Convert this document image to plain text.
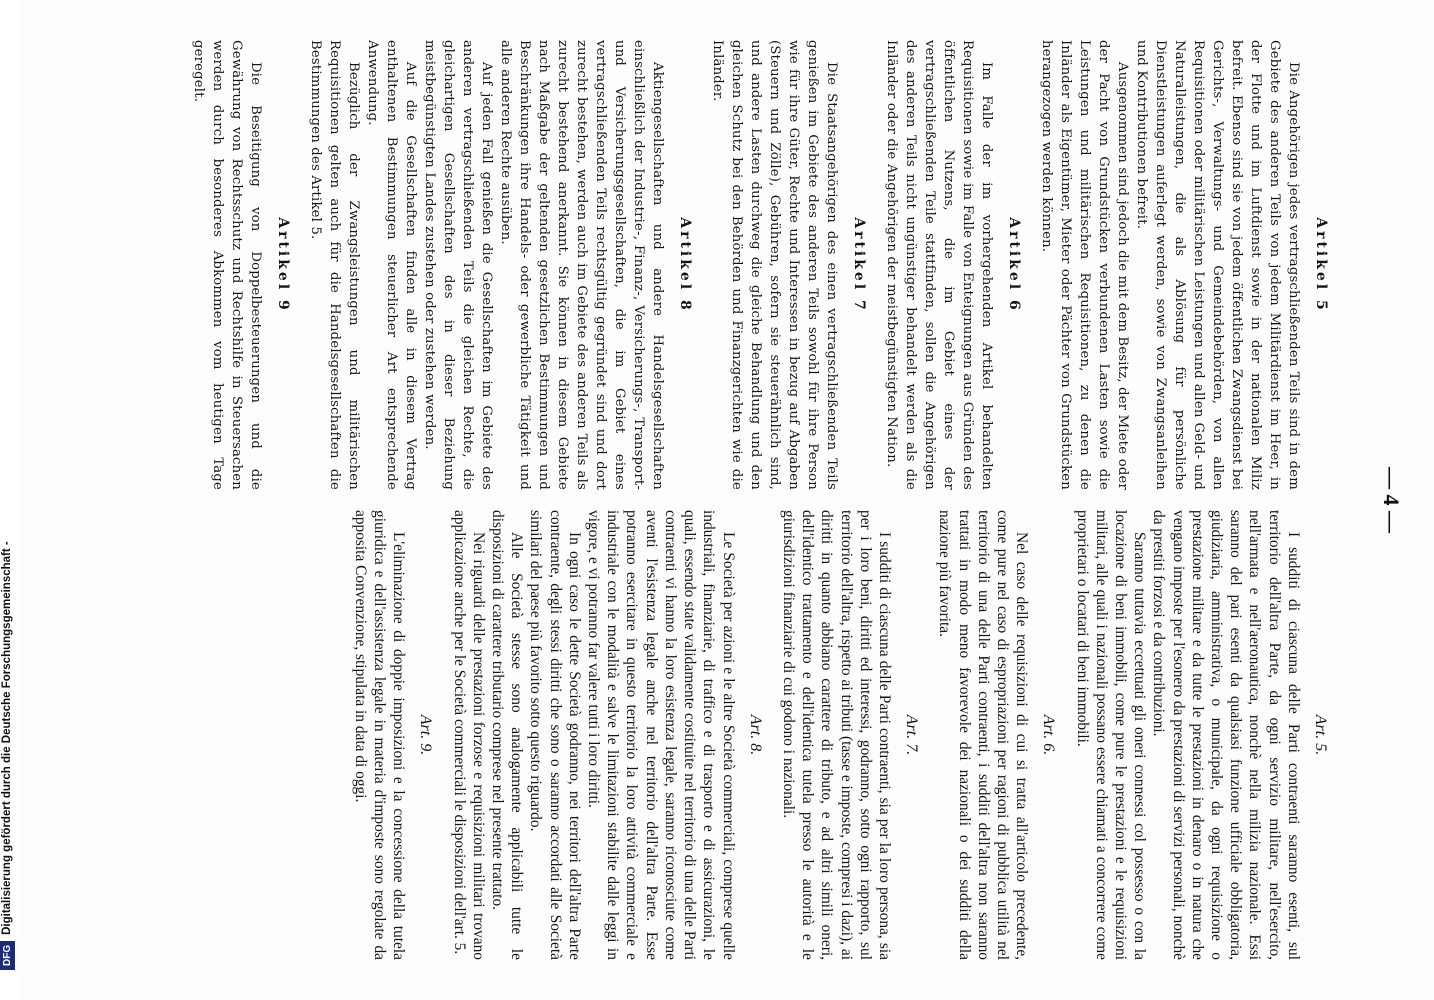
— 4 —
Artikel 5

Die Angehörigen jedes vertragschließenden Teils sind in dem Gebiete des anderen Teils von jedem Militärdienst im Heer, in der Flotte und im Luftdienst sowie in der nationalen Miliz befreit. Ebenso sind sie von jedem öffentlichen Zwangsdienst bei Gerichts-, Verwaltungs- und Gemeindebehörden, von allen Requisitionen oder militärischen Leistungen und allen Geld- und Naturalleistungen, die als Ablösung für persönliche Dienstleistungen auferlegt werden, sowie von Zwangsanleihen und Kontributionen befreit.

Ausgenommen sind jedoch die mit dem Besitz, der Miete oder der Pacht von Grundstücken verbundenen Lasten sowie die Leistungen und militärischen Requisitionen, zu denen die Inländer als Eigentümer, Mieter oder Pächter von Grundstücken herangezogen werden können.

Artikel 6

Im Falle der im vorhergehenden Artikel behandelten Requisitionen sowie im Falle von Enteignungen aus Gründen des öffentlichen Nutzens, die im Gebiet eines der vertragschließenden Teile stattfinden, sollen die Angehörigen des anderen Teils nicht ungünstiger behandelt werden als die Inländer oder die Angehörigen der meistbegünstigten Nation.

Artikel 7

Die Staatsangehörigen des einen vertragschließenden Teils genießen im Gebiete des anderen Teils sowohl für ihre Person wie für ihre Güter, Rechte und Interessen in bezug auf Abgaben (Steuern und Zölle), Gebühren, sofern sie steuerähnlich sind, und andere Lasten durchweg die gleiche Behandlung und den gleichen Schutz bei den Behörden und Finanzgerichten wie die Inländer.

Artikel 8

Aktiengesellschaften und andere Handelsgesellschaften einschließlich der Industrie-, Finanz-, Versicherungs-, Transport- und Versicherungsgesellschaften, die im Gebiet eines vertragschließenden Teils rechtsgültig gegründet sind und dort zurecht bestehen, werden auch im Gebiete des anderen Teils als zurecht bestehend anerkannt. Sie können in diesem Gebiete nach Maßgabe der geltenden gesetzlichen Bestimmungen und Beschränkungen ihre Handels- oder gewerbliche Tätigkeit und alle anderen Rechte ausüben.

Auf jeden Fall genießen die Gesellschaften im Gebiete des anderen vertragschließenden Teils die gleichen Rechte, die gleichartigen Gesellschaften des in dieser Beziehung meistbegünstigten Landes zustehen oder zustehen werden.

Auf die Gesellschaften finden alle in diesem Vertrag enthaltenen Bestimmungen steuerlicher Art entsprechende Anwendung.

Bezüglich der Zwangsleistungen und militärischen Requisitionen gelten auch für die Handelsgesellschaften die Bestimmungen des Artikel 5.

Artikel 9

Die Beseitigung von Doppelbesteuerungen und die Gewährung von Rechtsschutz und Rechtshilfe in Steuersachen werden durch besonderes Abkommen vom heutigen Tage geregelt.

Art. 5.

I sudditi di ciascuna delle Parti contraenti saranno esenti, sul territorio dell'altra Parte, da ogni servizio militare, nell'esercito, nell'armata e nell'aeronautica, nonchè nella milizia nazionale. Essi saranno del pari esenti da qualsiasi funzione ufficiale obbligatoria, giudiziaria, amministrativa, o municipale, da ogni requisizione o prestazione militare e da tutte le prestazioni in denaro o in natura che vengano imposte per l'esonero da prestazioni di servizi personali, nonchè da prestiti forzosi e da contribuzioni.

Saranno tuttavia eccettuati gli oneri connessi col possesso o con la locazione di beni immobili, come pure le prestazioni e le requisizioni militari, alle quali i nazionali possano essere chiamati a concorrere come proprietari o locatari di beni immobili.

Art. 6.

Nel caso delle requisizioni di cui si tratta all'articolo precedente, come pure nel caso di espropriazioni per ragioni di pubblica utilità nel territorio di una delle Parti contraenti, i sudditi dell'altra non saranno trattati in modo meno favorevole dei nazionali o dei sudditi della nazione più favorita.

Art. 7.

I sudditi di ciascuna delle Parti contraenti, sia per la loro persona, sia per i loro beni, diritti ed interessi, godranno, sotto ogni rapporto, sul territorio dell'altra, rispetto ai tributi (tasse e imposte, compresi i dazi), ai diritti in quanto abbiano carattere di tributo, e ad altri simili oneri, dell'identico trattamento e dell'identica tutela presso le autorità e le giurisdizioni finanziarie di cui godono i nazionali.

Art. 8.

Le Società per azioni e le altre Società commerciali, comprese quelle industriali, finanziarie, di traffico e di trasporto e di assicurazioni, le quali, essendo state validamente costituite nel territorio di una delle Parti contraenti vi hanno la loro esistenza legale, saranno riconosciute come aventi l'esistenza legale anche nel territorio dell'altra Parte. Esse potranno esercitare in questo territorio la loro attività commerciale e industriale con le modalità e salve le limitazioni stabilite dalle leggi in vigore, e vi potranno far valere tutti i loro diritti.

In ogni caso le dette Società godranno, nei territori dell'altra Parte contraente, degli stessi diritti che sono o saranno accordati alle Società similari del paese più favorito sotto questo riguardo.

Alle Società stesse sono analogamente applicabili tutte le disposizioni di carattere tributario comprese nel presente trattato.

Nei riguardi delle prestazioni forzose e requisizioni militari trovano applicazione anche per le Società commerciali le disposizioni dell'art. 5.

Art. 9.

L'eliminazione di doppie imposizioni e la concessione della tutela giuridica e dell'assistenza legale in materia d'imposte sono regolate da apposita Convenzione, stipulata in data di oggi.

DFGDigitalisierung gefördert durch die Deutsche Forschungsgemeinschaft -
